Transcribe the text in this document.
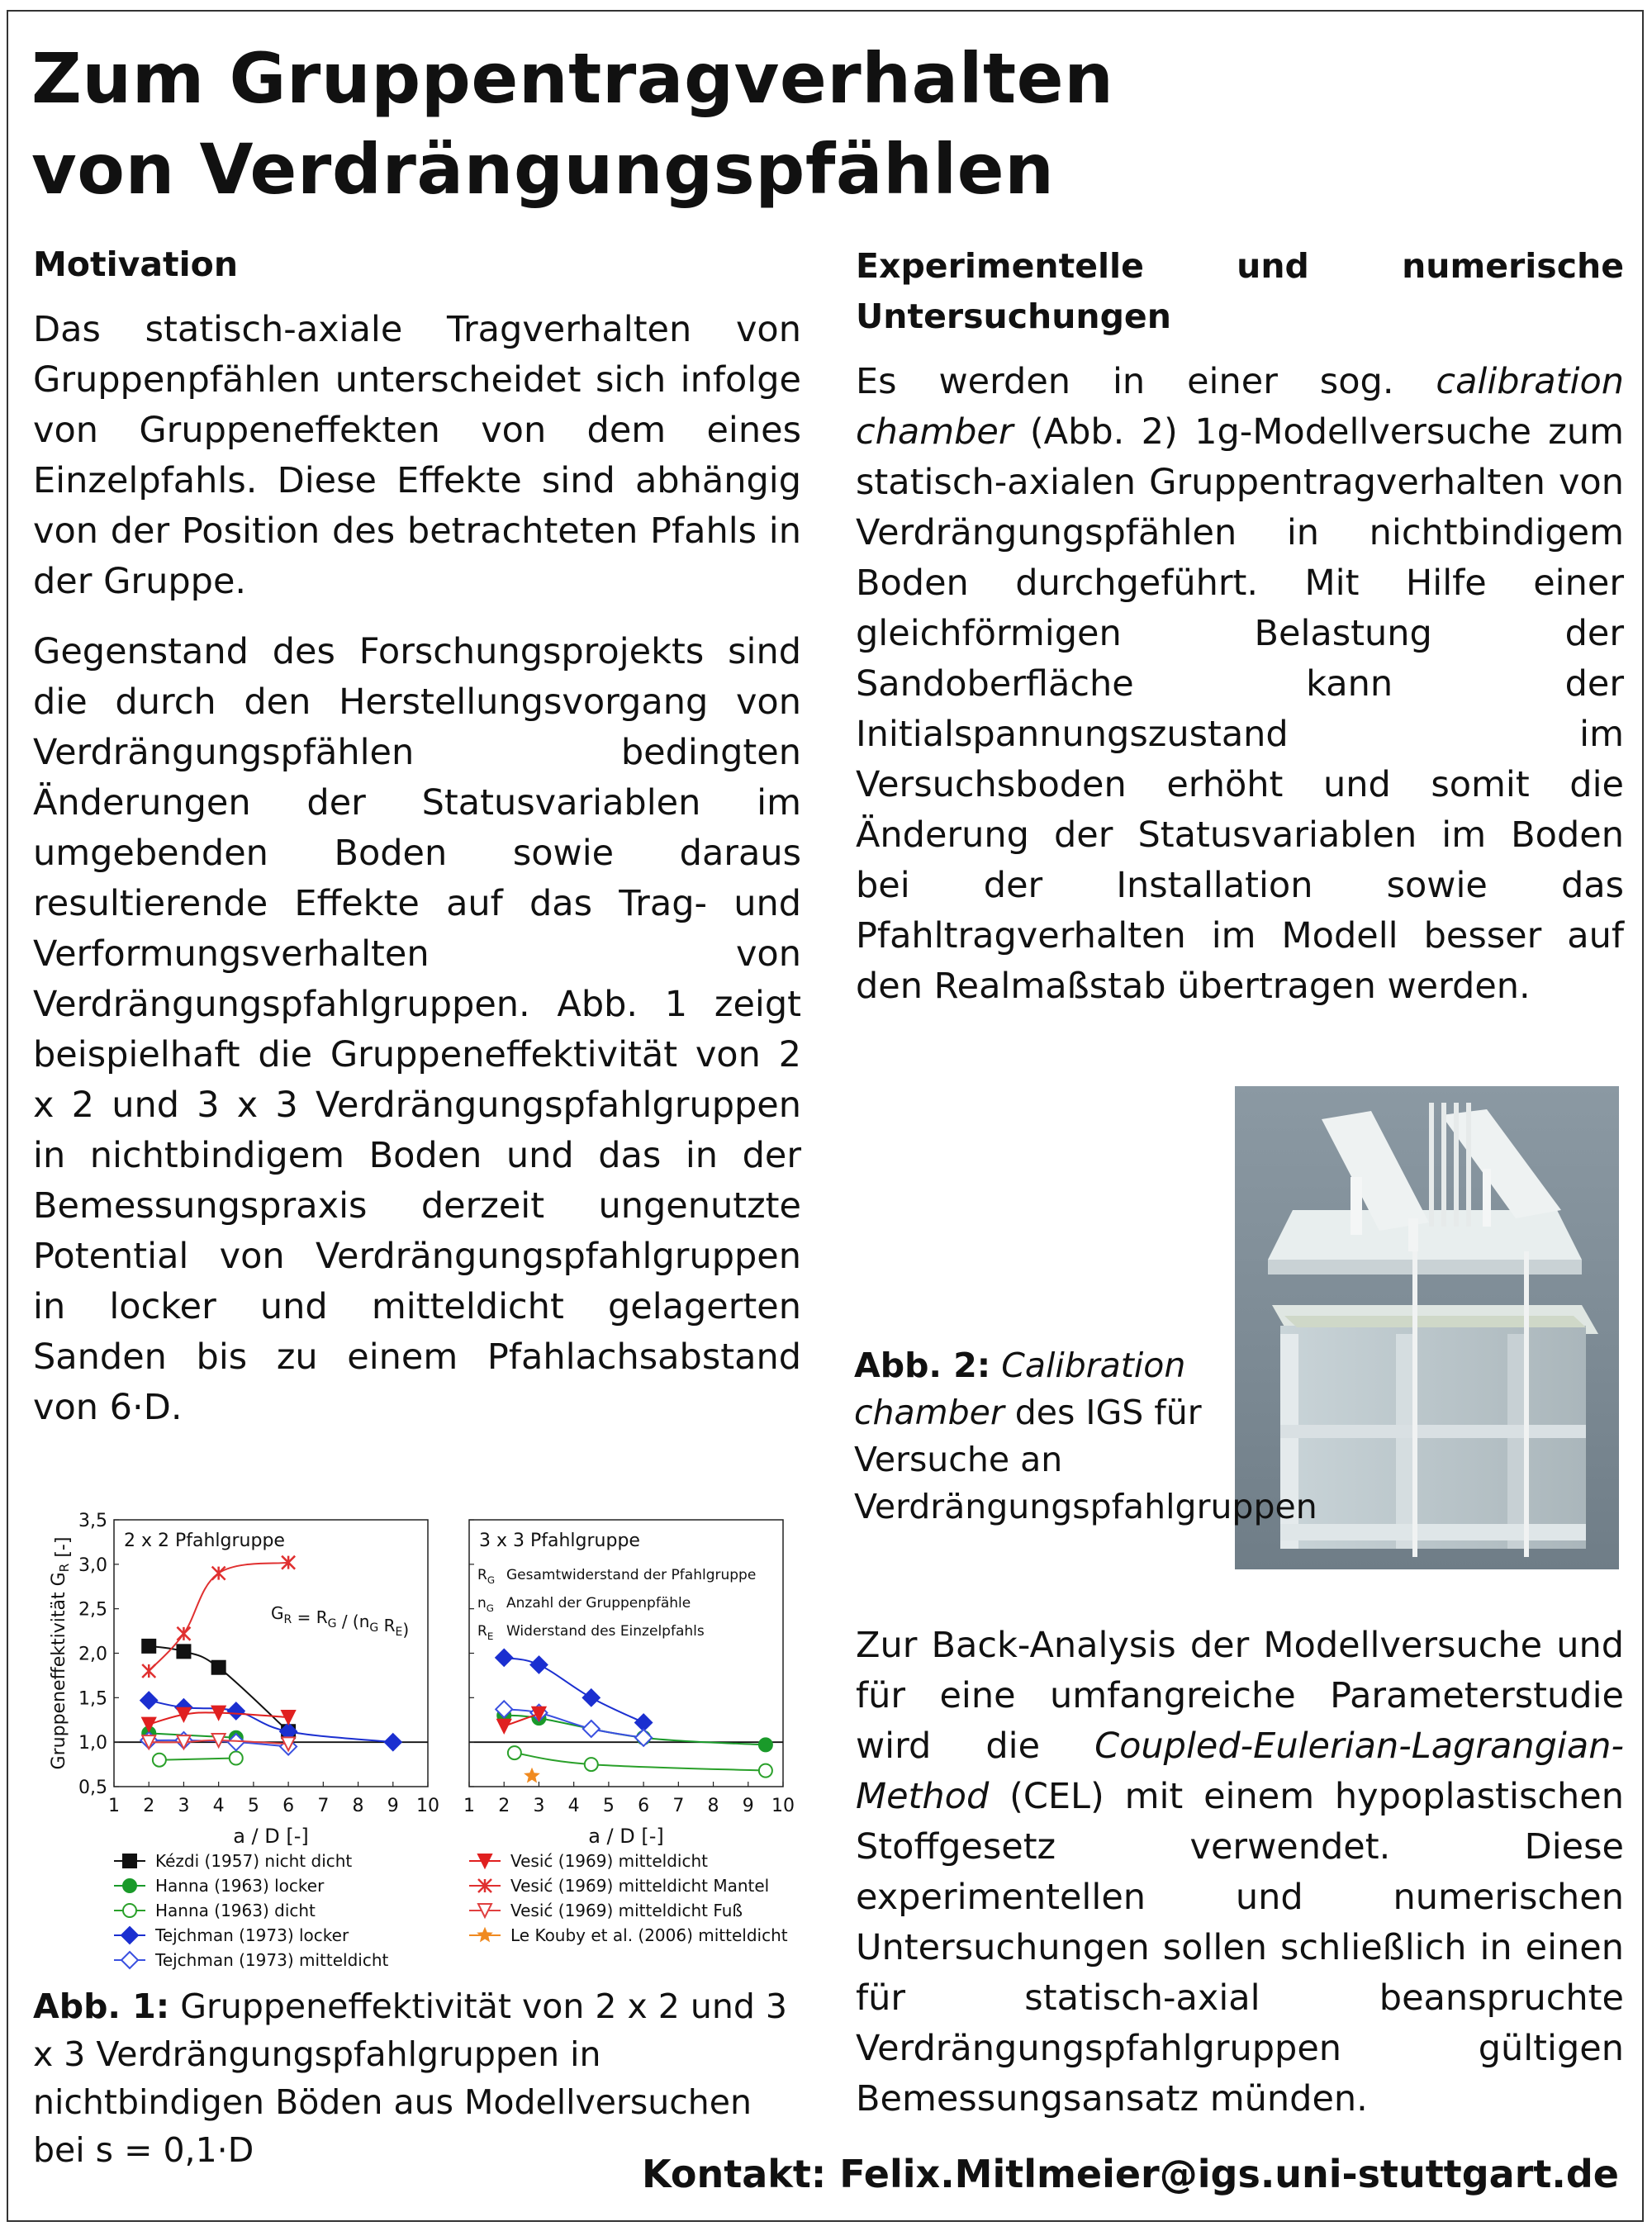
Zum Gruppentragverhalten
von Verdrängungspfählen
Motivation

Das statisch-axiale Tragverhalten von Gruppenpfählen unterscheidet sich infolge von Gruppeneffekten von dem eines Einzelpfahls. Diese Effekte sind abhängig von der Position des betrachteten Pfahls in der Gruppe.

Gegenstand des Forschungsprojekts sind die durch den Herstellungsvorgang von Verdrängungspfählen bedingten Änderungen der Statusvariablen im umgebenden Boden sowie daraus resultierende Effekte auf das Trag- und Verformungsverhalten von Verdrängungspfahlgruppen. Abb. 1 zeigt beispielhaft die Gruppeneffektivität von 2 x 2 und 3 x 3 Verdrängungspfahlgruppen in nichtbindigem Boden und das in der Bemessungspraxis derzeit ungenutzte Potential von Verdrängungspfahlgruppen in locker und mitteldicht gelagerten Sanden bis zu einem Pfahlachsabstand von 6·D.

Experimentelle und numerische Untersuchungen

Es werden in einer sog. calibration chamber (Abb. 2) 1g-Modellversuche zum statisch-axialen Gruppentragverhalten von Verdrängungspfählen in nichtbindigem Boden durchgeführt. Mit Hilfe einer gleichförmigen Belastung der Sandoberfläche kann der Initialspannungszustand im Versuchsboden erhöht und somit die Änderung der Statusvariablen im Boden bei der Installation sowie das Pfahltragverhalten im Modell besser auf den Realmaßstab übertragen werden.

Abb. 2: Calibration chamber des IGS für Versuche an Verdrängungspfahlgruppen

Zur Back-Analysis der Modellversuche und für eine umfangreiche Parameterstudie wird die Coupled-Eulerian-Lagrangian-Method (CEL) mit einem hypoplastischen Stoffgesetz verwendet. Diese experimentellen und numerischen Untersuchungen sollen schließlich in einen für statisch-axial beanspruchte Verdrängungspfahlgruppen gültigen Bemessungsansatz münden.

1 2 3 4 5 6 7 8 9 10
0,5
1,0
1,5
2,0
2,5
3,0
3,5
2 x 2 Pfahlgruppe
a / D [-]
Gruppeneffektivität $G_R$ [-]
$G_R = R_G / (n_G$ $R_E$)
1 2 3 4 5 6 7 8 9 10
3 x 3 Pfahlgruppe
a / D [-]
$R_G$ Gesamtwiderstand der Pfahlgruppe
$n_G$ Anzahl der Gruppenpfähle
$R_E$ Widerstand des Einzelpfahls
Kézdi (1957) nicht dicht	Vesić (1969) mitteldicht
Hanna (1963) locker	Vesić (1969) mitteldicht Mantel
Hanna (1963) dicht	Vesić (1969) mitteldicht Fuß
Tejchman (1973) locker	Le Kouby et al. (2006) mitteldicht
Tejchman (1973) mitteldicht
Abb. 1: Gruppeneffektivität von 2 x 2 und 3 x 3 Verdrängungspfahlgruppen in nichtbindigen Böden aus Modellversuchen bei s = 0,1·D
Kontakt: Felix.Mitlmeier@igs.uni-stuttgart.de
